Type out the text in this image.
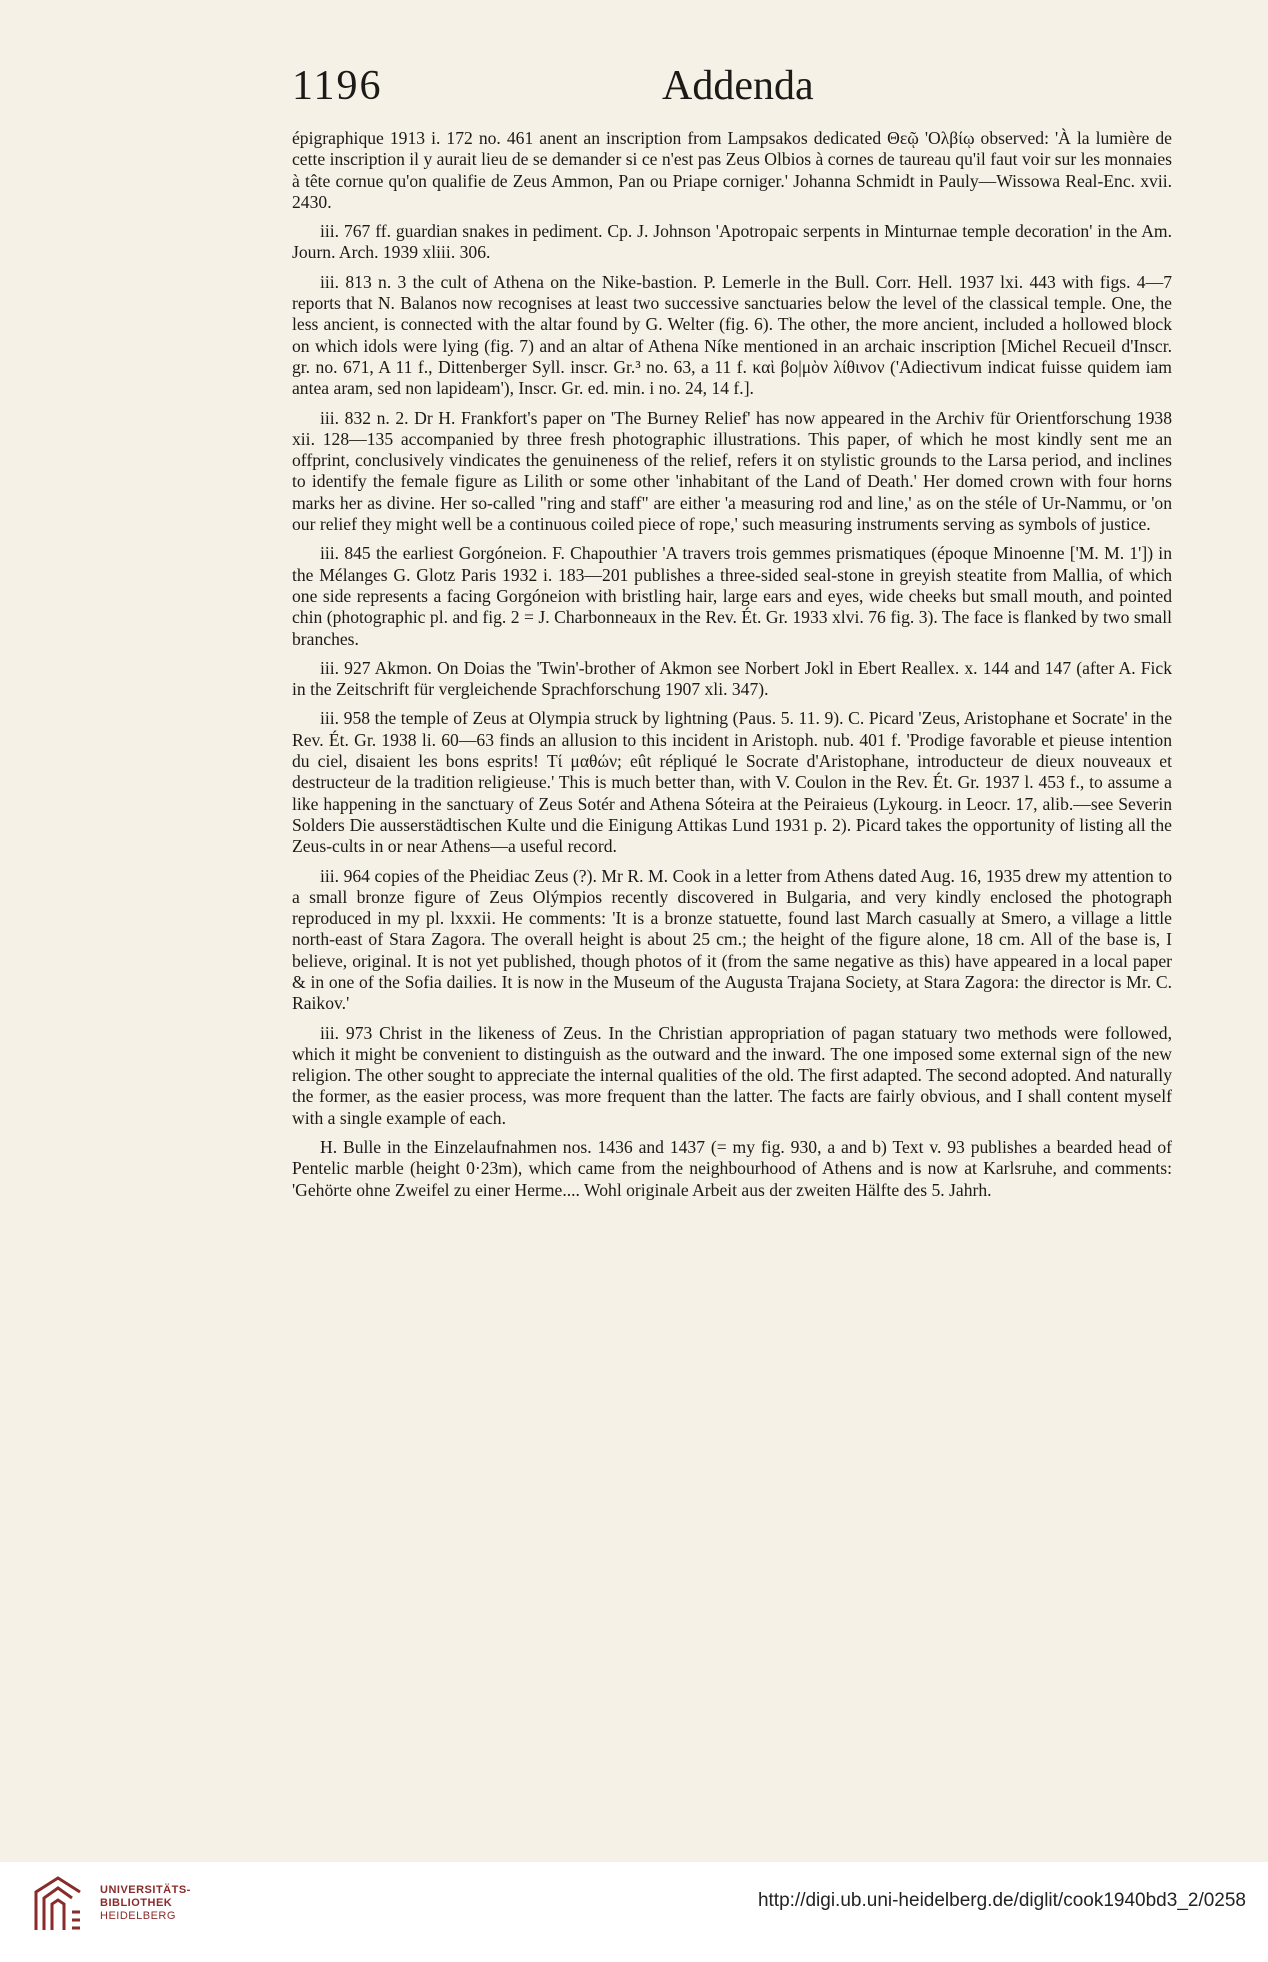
1196	Addenda

épigraphique 1913 i. 172 no. 461 anent an inscription from Lampsakos dedicated Θεῷ 'Ολβίῳ observed: 'À la lumière de cette inscription il y aurait lieu de se demander si ce n'est pas Zeus Olbios à cornes de taureau qu'il faut voir sur les monnaies à tête cornue qu'on qualifie de Zeus Ammon, Pan ou Priape corniger.' Johanna Schmidt in Pauly—Wissowa Real-Enc. xvii. 2430.

iii. 767 ff. guardian snakes in pediment. Cp. J. Johnson 'Apotropaic serpents in Minturnae temple decoration' in the Am. Journ. Arch. 1939 xliii. 306.

iii. 813 n. 3 the cult of Athena on the Nike-bastion. P. Lemerle in the Bull. Corr. Hell. 1937 lxi. 443 with figs. 4—7 reports that N. Balanos now recognises at least two successive sanctuaries below the level of the classical temple. One, the less ancient, is connected with the altar found by G. Welter (fig. 6). The other, the more ancient, included a hollowed block on which idols were lying (fig. 7) and an altar of Athena Níke mentioned in an archaic inscription [Michel Recueil d'Inscr. gr. no. 671, A 11 f., Dittenberger Syll. inscr. Gr.³ no. 63, a 11 f. καὶ βο|μὸν λίθινον ('Adiectivum indicat fuisse quidem iam antea aram, sed non lapideam'), Inscr. Gr. ed. min. i no. 24, 14 f.].

iii. 832 n. 2. Dr H. Frankfort's paper on 'The Burney Relief' has now appeared in the Archiv für Orientforschung 1938 xii. 128—135 accompanied by three fresh photographic illustrations. This paper, of which he most kindly sent me an offprint, conclusively vindicates the genuineness of the relief, refers it on stylistic grounds to the Larsa period, and inclines to identify the female figure as Lilith or some other 'inhabitant of the Land of Death.' Her domed crown with four horns marks her as divine. Her so-called "ring and staff" are either 'a measuring rod and line,' as on the stéle of Ur-Nammu, or 'on our relief they might well be a continuous coiled piece of rope,' such measuring instruments serving as symbols of justice.

iii. 845 the earliest Gorgóneion. F. Chapouthier 'A travers trois gemmes prismatiques (époque Minoenne ['M. M. 1']) in the Mélanges G. Glotz Paris 1932 i. 183—201 publishes a three-sided seal-stone in greyish steatite from Mallia, of which one side represents a facing Gorgóneion with bristling hair, large ears and eyes, wide cheeks but small mouth, and pointed chin (photographic pl. and fig. 2 = J. Charbonneaux in the Rev. Ét. Gr. 1933 xlvi. 76 fig. 3). The face is flanked by two small branches.

iii. 927 Akmon. On Doias the 'Twin'-brother of Akmon see Norbert Jokl in Ebert Reallex. x. 144 and 147 (after A. Fick in the Zeitschrift für vergleichende Sprachforschung 1907 xli. 347).

iii. 958 the temple of Zeus at Olympia struck by lightning (Paus. 5. 11. 9). C. Picard 'Zeus, Aristophane et Socrate' in the Rev. Ét. Gr. 1938 li. 60—63 finds an allusion to this incident in Aristoph. nub. 401 f. 'Prodige favorable et pieuse intention du ciel, disaient les bons esprits! Τί μαθών; eût répliqué le Socrate d'Aristophane, introducteur de dieux nouveaux et destructeur de la tradition religieuse.' This is much better than, with V. Coulon in the Rev. Ét. Gr. 1937 l. 453 f., to assume a like happening in the sanctuary of Zeus Sotér and Athena Sóteira at the Peiraieus (Lykourg. in Leocr. 17, alib.—see Severin Solders Die ausserstädtischen Kulte und die Einigung Attikas Lund 1931 p. 2). Picard takes the opportunity of listing all the Zeus-cults in or near Athens—a useful record.

iii. 964 copies of the Pheidiac Zeus (?). Mr R. M. Cook in a letter from Athens dated Aug. 16, 1935 drew my attention to a small bronze figure of Zeus Olýmpios recently discovered in Bulgaria, and very kindly enclosed the photograph reproduced in my pl. lxxxii. He comments: 'It is a bronze statuette, found last March casually at Smero, a village a little north-east of Stara Zagora. The overall height is about 25 cm.; the height of the figure alone, 18 cm. All of the base is, I believe, original. It is not yet published, though photos of it (from the same negative as this) have appeared in a local paper & in one of the Sofia dailies. It is now in the Museum of the Augusta Trajana Society, at Stara Zagora: the director is Mr. C. Raikov.'

iii. 973 Christ in the likeness of Zeus. In the Christian appropriation of pagan statuary two methods were followed, which it might be convenient to distinguish as the outward and the inward. The one imposed some external sign of the new religion. The other sought to appreciate the internal qualities of the old. The first adapted. The second adopted. And naturally the former, as the easier process, was more frequent than the latter. The facts are fairly obvious, and I shall content myself with a single example of each.

H. Bulle in the Einzelaufnahmen nos. 1436 and 1437 (= my fig. 930, a and b) Text v. 93 publishes a bearded head of Pentelic marble (height 0·23m), which came from the neighbourhood of Athens and is now at Karlsruhe, and comments: 'Gehörte ohne Zweifel zu einer Herme.... Wohl originale Arbeit aus der zweiten Hälfte des 5. Jahrh.

UNIVERSITÄTS-
BIBLIOTHEK
HEIDELBERG
http://digi.ub.uni-heidelberg.de/diglit/cook1940bd3_2/0258
